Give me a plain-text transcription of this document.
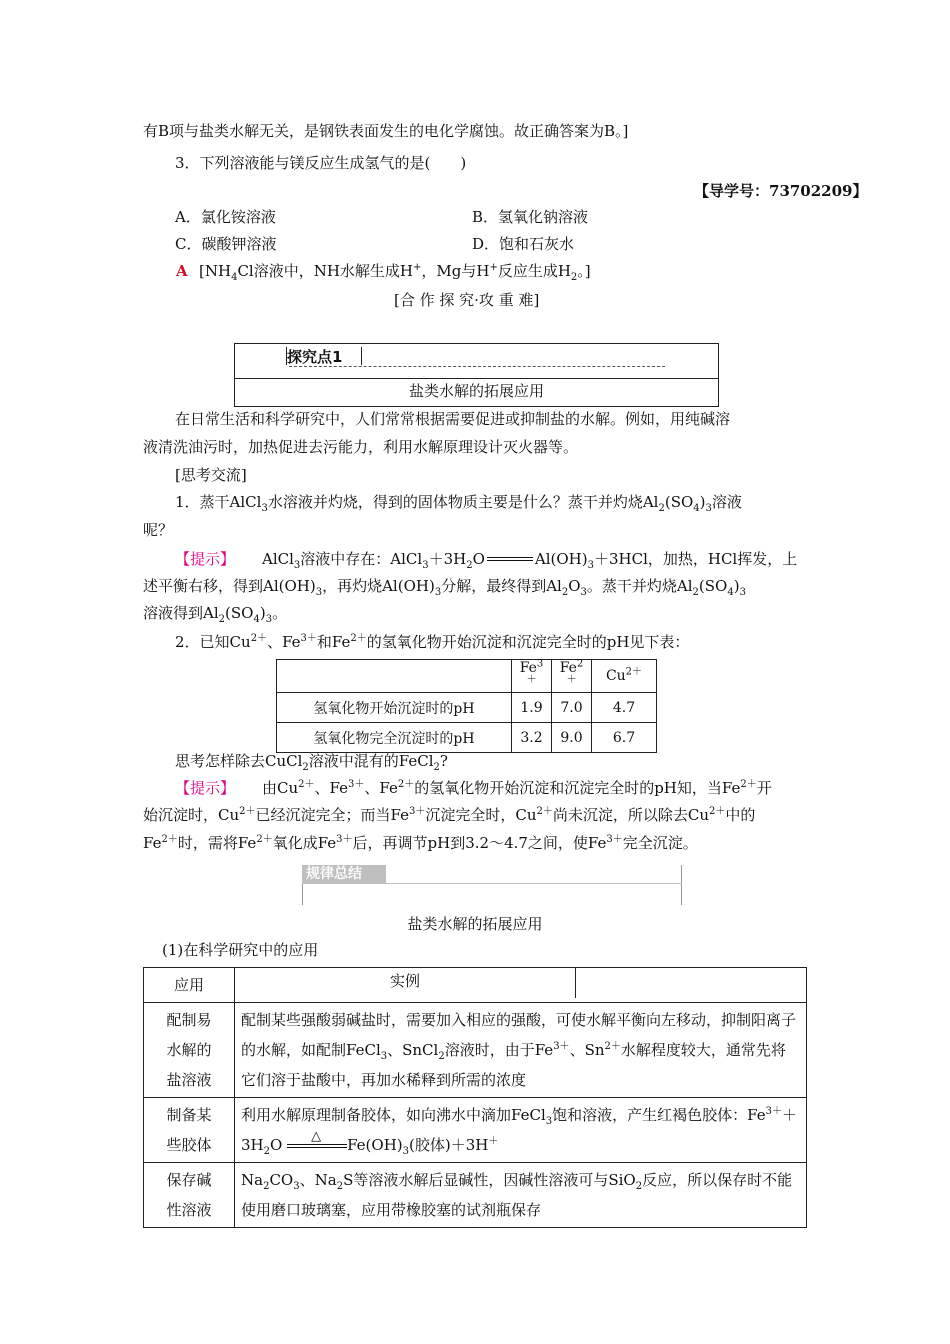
有B项与盐类水解无关，是钢铁表面发生的电化学腐蚀。故正确答案为B。]
3．下列溶液能与镁反应生成氢气的是(　　)
【导学号：73702209】
A．氯化铵溶液	B．氢氧化钠溶液
C．碳酸钾溶液	D．饱和石灰水
A [$NH_4Cl$溶液中，NH水解生成H+，Mg与H+反应生成$H_2$。]
[合 作 探 究·攻 重 难]
探究点1
盐类水解的拓展应用
在日常生活和科学研究中，人们常常根据需要促进或抑制盐的水解。例如，用纯碱溶
液清洗油污时，加热促进去污能力，利用水解原理设计灭火器等。
[思考交流]
1．蒸干AlCl$_3$水溶液并灼烧，得到的固体物质主要是什么？蒸干并灼烧$Al_2(SO_4)_3$溶液
呢？
【提示】 AlCl$_3$溶液中存在：$AlCl_3+3H_2O$	$Al(OH)_3+3HCl$，加热，HCl挥发，上
述平衡右移，得到$Al(OH)_3$，再灼烧$Al(OH)_3$分解，最终得到$Al_2O_3$。蒸干并灼烧$Al_2(SO_4)_3$
溶液得到$Al_2(SO_4)_3$。
2．已知$Cu^{2+}$、$Fe^{3+}$和$Fe^{2+}$的氢氧化物开始沉淀和沉淀完全时的pH见下表：
	$Fe^{3+}$	$Fe^{2+}$	$Cu^{2+}$
氢氧化物开始沉淀时的pH	1.9	7.0	4.7
氢氧化物完全沉淀时的pH	3.2	9.0	6.7
思考怎样除去CuCl$_2$溶液中混有的FeCl$_2$?
【提示】 由$Cu^{2+}$、$Fe^{3+}$、$Fe^{2+}$的氢氧化物开始沉淀和沉淀完全时的pH知，当$Fe^{2+}$开
始沉淀时，$Cu^{2+}$已经沉淀完全；而当$Fe^{3+}$沉淀完全时，$Cu^{2+}$尚未沉淀，所以除去$Cu^{2+}$中的
$Fe^{2+}$时，需将$Fe^{2+}$氧化成$Fe^{3+}$后，再调节pH到3.2～4.7之间，使$Fe^{3+}$完全沉淀。
规律总结
盐类水解的拓展应用
(1)在科学研究中的应用
应用	实例

配制易
水解的
盐溶液	配制某些强酸弱碱盐时，需要加入相应的强酸，可使水解平衡向左移动，抑制阳离子的水解，如配制FeCl$_3$、SnCl$_2$溶液时，由于$Fe^{3+}$、$Sn^{2+}$水解程度较大，通常先将它们溶于盐酸中，再加水稀释到所需的浓度
制备某
些胶体	利用水解原理制备胶体，如向沸水中滴加FeCl$_3$饱和溶液，产生红褐色胶体：$Fe^{3+}+3H_2O$ △ $Fe(OH)_3$(胶体)＋3H＋
保存碱
性溶液	$Na_2CO_3$、$Na_2S$等溶液水解后显碱性，因碱性溶液可与SiO$_2$反应，所以保存时不能使用磨口玻璃塞，应用带橡胶塞的试剂瓶保存
